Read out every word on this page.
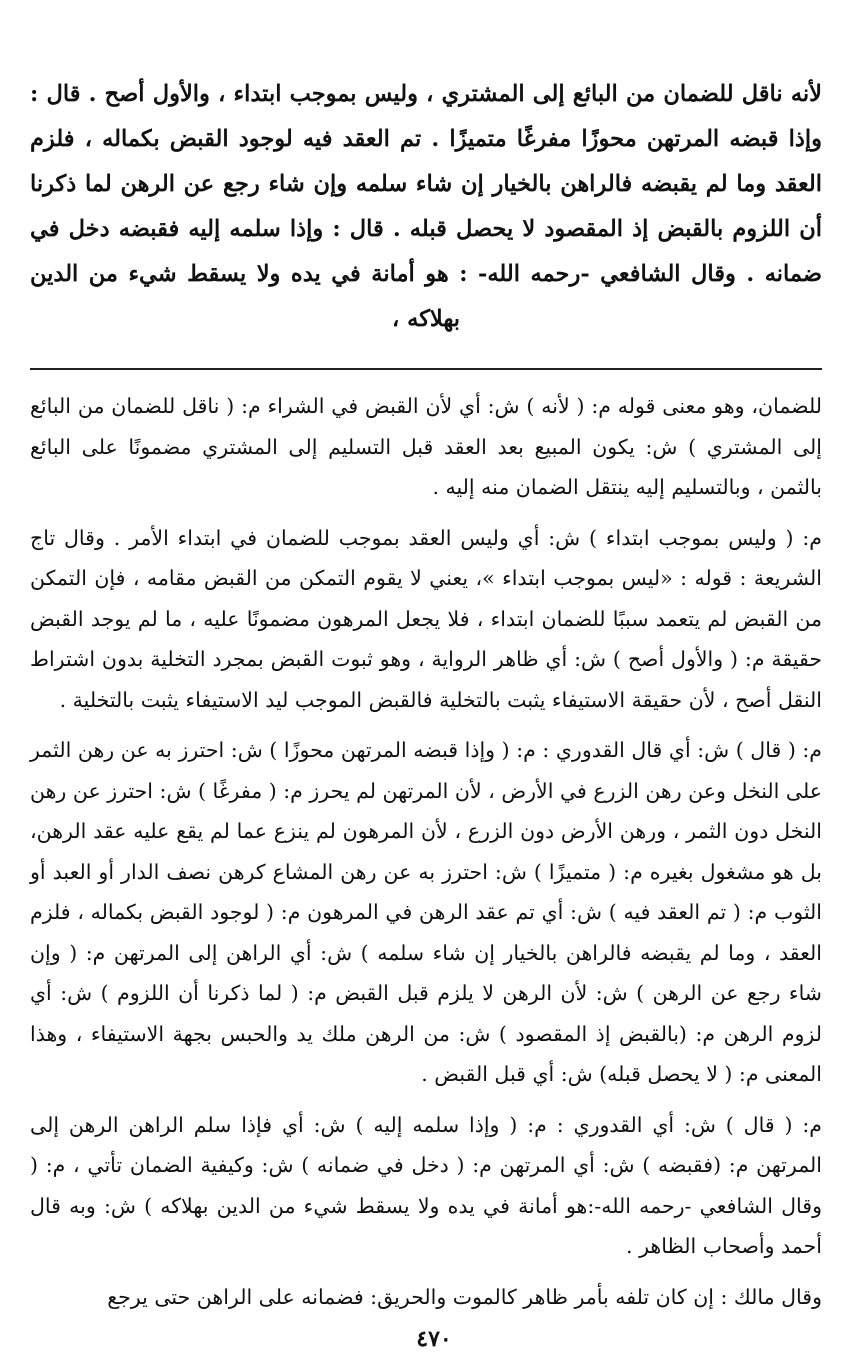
لأنه ناقل للضمان من البائع إلى المشتري ، وليس بموجب ابتداء ، والأول أصح . قال : وإذا قبضه المرتهن محوزًا مفرغًا متميزًا . تم العقد فيه لوجود القبض بكماله ، فلزم العقد وما لم يقبضه فالراهن بالخيار إن شاء سلمه وإن شاء رجع عن الرهن لما ذكرنا أن اللزوم بالقبض إذ المقصود لا يحصل قبله . قال : وإذا سلمه إليه فقبضه دخل في ضمانه . وقال الشافعي -رحمه الله- : هو أمانة في يده ولا يسقط شيء من الدين بهلاكه ،

للضمان، وهو معنى قوله م: ( لأنه ) ش: أي لأن القبض في الشراء م: ( ناقل للضمان من البائع إلى المشتري ) ش: يكون المبيع بعد العقد قبل التسليم إلى المشتري مضمونًا على البائع بالثمن ، وبالتسليم إليه ينتقل الضمان منه إليه .

م: ( وليس بموجب ابتداء ) ش: أي وليس العقد بموجب للضمان في ابتداء الأمر . وقال تاج الشريعة : قوله : «ليس بموجب ابتداء »، يعني لا يقوم التمكن من القبض مقامه ، فإن التمكن من القبض لم يتعمد سببًا للضمان ابتداء ، فلا يجعل المرهون مضمونًا عليه ، ما لم يوجد القبض حقيقة م: ( والأول أصح ) ش: أي ظاهر الرواية ، وهو ثبوت القبض بمجرد التخلية بدون اشتراط النقل أصح ، لأن حقيقة الاستيفاء يثبت بالتخلية فالقبض الموجب ليد الاستيفاء يثبت بالتخلية .

م: ( قال ) ش: أي قال القدوري : م: ( وإذا قبضه المرتهن محوزًا ) ش: احترز به عن رهن الثمر على النخل وعن رهن الزرع في الأرض ، لأن المرتهن لم يحرز م: ( مفرغًا ) ش: احترز عن رهن النخل دون الثمر ، ورهن الأرض دون الزرع ، لأن المرهون لم ينزع عما لم يقع عليه عقد الرهن، بل هو مشغول بغيره م: ( متميزًا ) ش: احترز به عن رهن المشاع كرهن نصف الدار أو العبد أو الثوب م: ( تم العقد فيه ) ش: أي تم عقد الرهن في المرهون م: ( لوجود القبض بكماله ، فلزم العقد ، وما لم يقبضه فالراهن بالخيار إن شاء سلمه ) ش: أي الراهن إلى المرتهن م: ( وإن شاء رجع عن الرهن ) ش: لأن الرهن لا يلزم قبل القبض م: ( لما ذكرنا أن اللزوم ) ش: أي لزوم الرهن م: (بالقبض إذ المقصود ) ش: من الرهن ملك يد والحبس بجهة الاستيفاء ، وهذا المعنى م: ( لا يحصل قبله) ش: أي قبل القبض .

م: ( قال ) ش: أي القدوري : م: ( وإذا سلمه إليه ) ش: أي فإذا سلم الراهن الرهن إلى المرتهن م: (فقبضه ) ش: أي المرتهن م: ( دخل في ضمانه ) ش: وكيفية الضمان تأتي ، م: ( وقال الشافعي -رحمه الله-:هو أمانة في يده ولا يسقط شيء من الدين بهلاكه ) ش: وبه قال أحمد وأصحاب الظاهر .

وقال مالك : إن كان تلفه بأمر ظاهر كالموت والحريق: فضمانه على الراهن حتى يرجع

٤٧٠
